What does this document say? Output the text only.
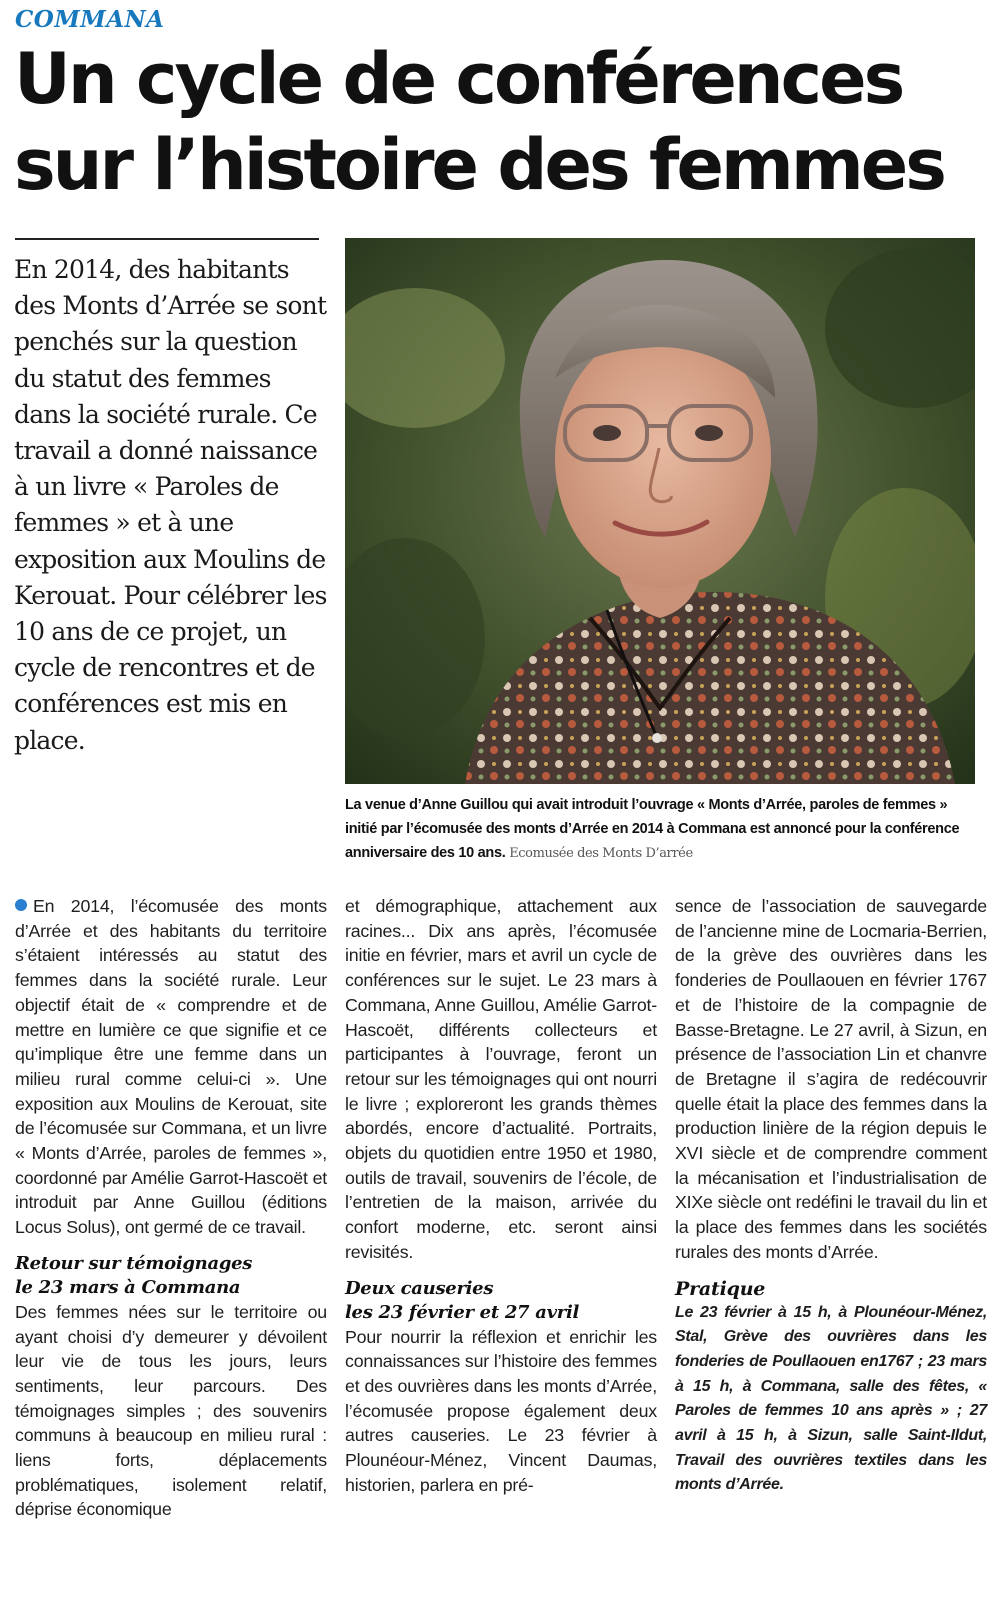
COMMANA
Un cycle de conférences
sur l’histoire des femmes

En 2014, des habitants des Monts d’Arrée se sont penchés sur la question du statut des femmes dans la société rurale. Ce travail a donné naissance à un livre « Paroles de femmes » et à une exposition aux Moulins de Kerouat. Pour célébrer les 10 ans de ce projet, un cycle de rencontres et de conférences est mis en place.

La venue d’Anne Guillou qui avait introduit l’ouvrage « Monts d’Arrée, paroles de femmes » initié par l’écomusée des monts d’Arrée en 2014 à Commana est annoncé pour la conférence anniversaire des 10 ans. Ecomusée des Monts D’arrée

En 2014, l’écomusée des monts d’Arrée et des habitants du territoire s’étaient intéressés au statut des femmes dans la société rurale. Leur objectif était de « comprendre et de mettre en lumière ce que signifie et ce qu’implique être une femme dans un milieu rural comme celui-ci ». Une exposition aux Moulins de Kerouat, site de l’écomusée sur Commana, et un livre « Monts d’Arrée, paroles de femmes », coordonné par Amélie Garrot-Hascoët et introduit par Anne Guillou (éditions Locus Solus), ont germé de ce travail.

Retour sur témoignages
le 23 mars à Commana

Des femmes nées sur le territoire ou ayant choisi d’y demeurer y dévoilent leur vie de tous les jours, leurs sentiments, leur parcours. Des témoignages simples ; des souvenirs communs à beaucoup en milieu rural : liens forts, déplacements problématiques, isolement relatif, déprise économique

et démographique, attachement aux racines... Dix ans après, l’écomusée initie en février, mars et avril un cycle de conférences sur le sujet. Le 23 mars à Commana, Anne Guillou, Amélie Garrot-Hascoët, différents collecteurs et participantes à l’ouvrage, feront un retour sur les témoignages qui ont nourri le livre ; exploreront les grands thèmes abordés, encore d’actualité. Portraits, objets du quotidien entre 1950 et 1980, outils de travail, souvenirs de l’école, de l’entretien de la maison, arrivée du confort moderne, etc. seront ainsi revisités.

Deux causeries
les 23 février et 27 avril

Pour nourrir la réflexion et enrichir les connaissances sur l’histoire des femmes et des ouvrières dans les monts d’Arrée, l’écomusée propose également deux autres causeries. Le 23 février à Plounéour-Ménez, Vincent Daumas, historien, parlera en pré-

sence de l’association de sauvegarde de l’ancienne mine de Locmaria-Berrien, de la grève des ouvrières dans les fonderies de Poullaouen en février 1767 et de l’histoire de la compagnie de Basse-Bretagne. Le 27 avril, à Sizun, en présence de l’association Lin et chanvre de Bretagne il s’agira de redécouvrir quelle était la place des femmes dans la production linière de la région depuis le XVI siècle et de comprendre comment la mécanisation et l’industrialisation de XIXe siècle ont redéfini le travail du lin et la place des femmes dans les sociétés rurales des monts d’Arrée.

Pratique

Le 23 février à 15 h, à Plounéour-Ménez, Stal, Grève des ouvrières dans les fonderies de Poullaouen en1767 ; 23 mars à 15 h, à Commana, salle des fêtes, « Paroles de femmes 10 ans après » ; 27 avril à 15 h, à Sizun, salle Saint-Ildut, Travail des ouvrières textiles dans les monts d’Arrée.
